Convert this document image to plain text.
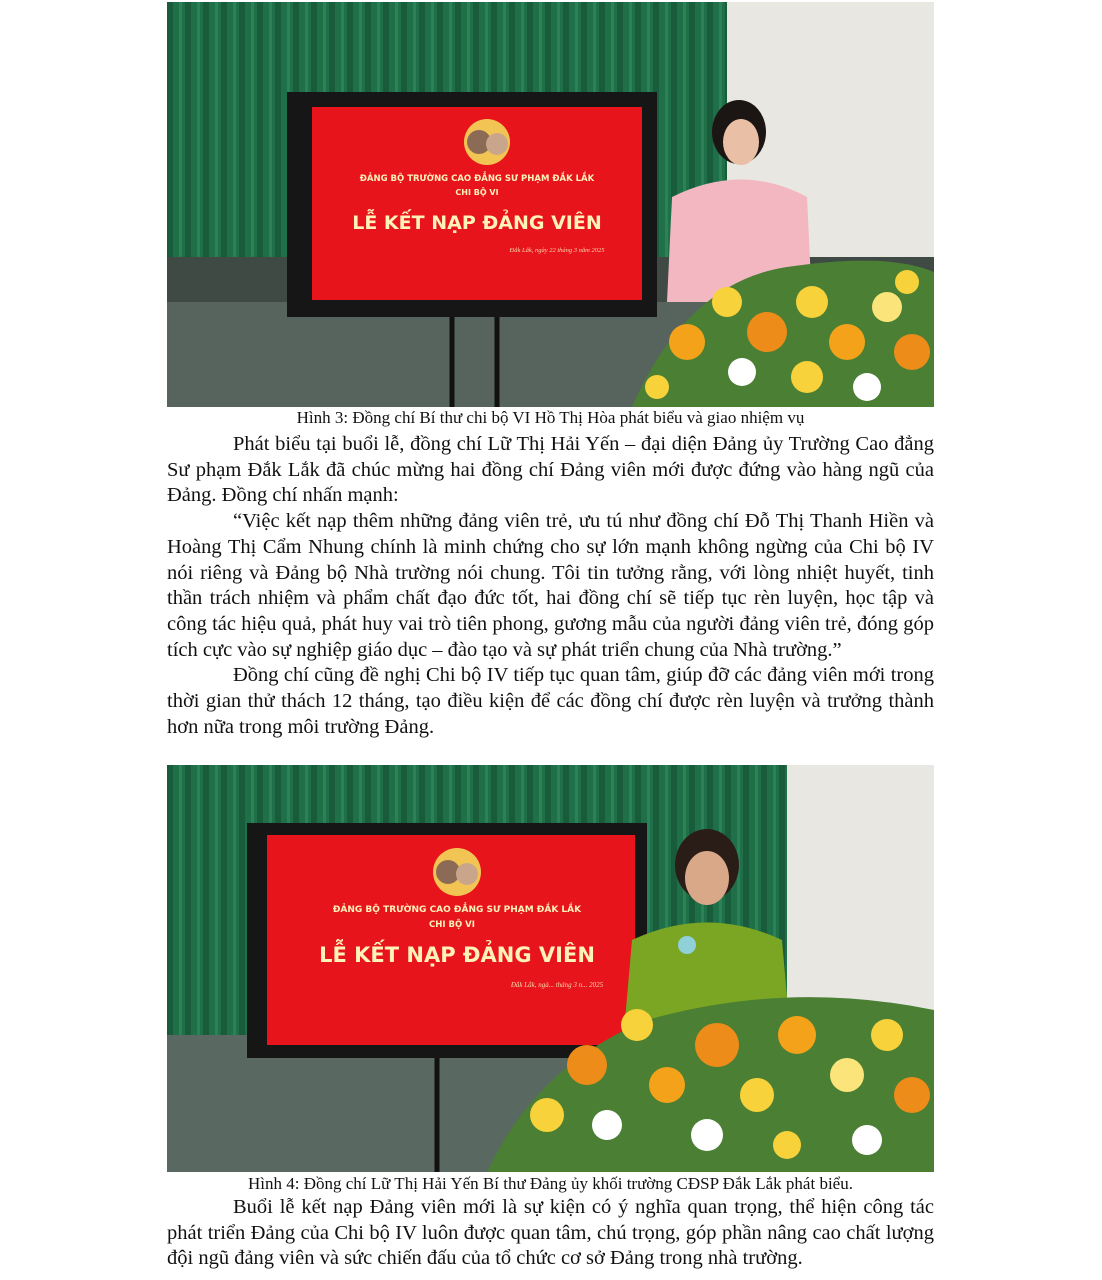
ĐẢNG BỘ TRƯỜNG CAO ĐẲNG SƯ PHẠM ĐẮK LẮK
CHI BỘ VI
LỄ KẾT NẠP ĐẢNG VIÊN
Đắk Lắk, ngày 22 tháng 3 năm 2025
Hình 3: Đồng chí Bí thư chi bộ VI Hồ Thị Hòa phát biểu và giao nhiệm vụ

Phát biểu tại buổi lễ, đồng chí Lữ Thị Hải Yến – đại diện Đảng ủy Trường Cao đẳng Sư phạm Đắk Lắk đã chúc mừng hai đồng chí Đảng viên mới được đứng vào hàng ngũ của Đảng. Đồng chí nhấn mạnh:

“Việc kết nạp thêm những đảng viên trẻ, ưu tú như đồng chí Đỗ Thị Thanh Hiền và Hoàng Thị Cẩm Nhung chính là minh chứng cho sự lớn mạnh không ngừng của Chi bộ IV nói riêng và Đảng bộ Nhà trường nói chung. Tôi tin tưởng rằng, với lòng nhiệt huyết, tinh thần trách nhiệm và phẩm chất đạo đức tốt, hai đồng chí sẽ tiếp tục rèn luyện, học tập và công tác hiệu quả, phát huy vai trò tiên phong, gương mẫu của người đảng viên trẻ, đóng góp tích cực vào sự nghiệp giáo dục – đào tạo và sự phát triển chung của Nhà trường.”

Đồng chí cũng đề nghị Chi bộ IV tiếp tục quan tâm, giúp đỡ các đảng viên mới trong thời gian thử thách 12 tháng, tạo điều kiện để các đồng chí được rèn luyện và trưởng thành hơn nữa trong môi trường Đảng.

ĐẢNG BỘ TRƯỜNG CAO ĐẲNG SƯ PHẠM ĐẮK LẮK
CHI BỘ VI
LỄ KẾT NẠP ĐẢNG VIÊN
Đắk Lắk, ngà... tháng 3 n... 2025
Hình 4: Đồng chí Lữ Thị Hải Yến Bí thư Đảng ủy khối trường CĐSP Đắk Lắk phát biểu.

Buổi lễ kết nạp Đảng viên mới là sự kiện có ý nghĩa quan trọng, thể hiện công tác phát triển Đảng của Chi bộ IV luôn được quan tâm, chú trọng, góp phần nâng cao chất lượng đội ngũ đảng viên và sức chiến đấu của tổ chức cơ sở Đảng trong nhà trường.
